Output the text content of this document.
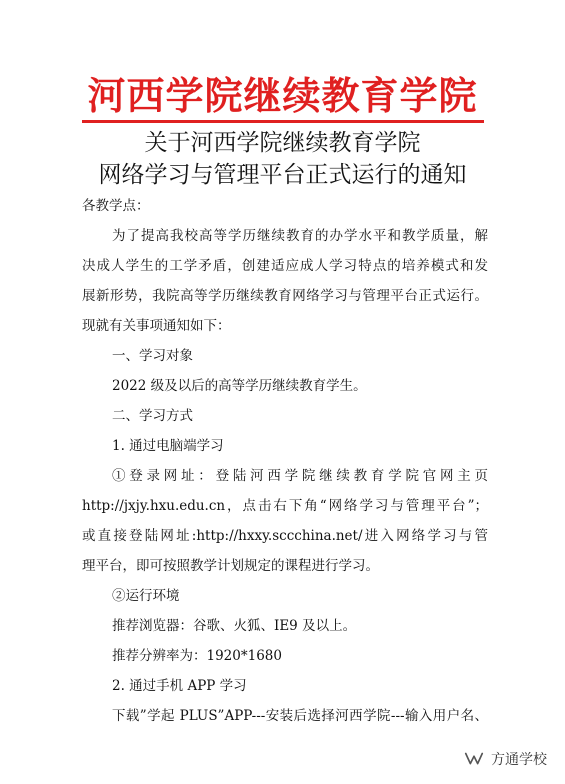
河西学院继续教育学院
关于河西学院继续教育学院
网络学习与管理平台正式运行的通知
各教学点：
为了提高我校高等学历继续教育的办学水平和教学质量，解
决成人学生的工学矛盾，创建适应成人学习特点的培养模式和发
展新形势，我院高等学历继续教育网络学习与管理平台正式运行。
现就有关事项通知如下：
一、学习对象
2022 级及以后的高等学历继续教育学生。
二、学习方式
1. 通过电脑端学习
①登录网址：登陆河西学院继续教育学院官网主页
http://jxjy.hxu.edu.cn，点击右下角“网络学习与管理平台”；
或直接登陆网址:http://hxxy.sccchina.net/进入网络学习与管
理平台，即可按照教学计划规定的课程进行学习。
②运行环境
推荐浏览器：谷歌、火狐、IE9 及以上。
推荐分辨率为：1920*1680
2. 通过手机 APP 学习
下载”学起 PLUS”APP---安装后选择河西学院---输入用户名、
方通学校
